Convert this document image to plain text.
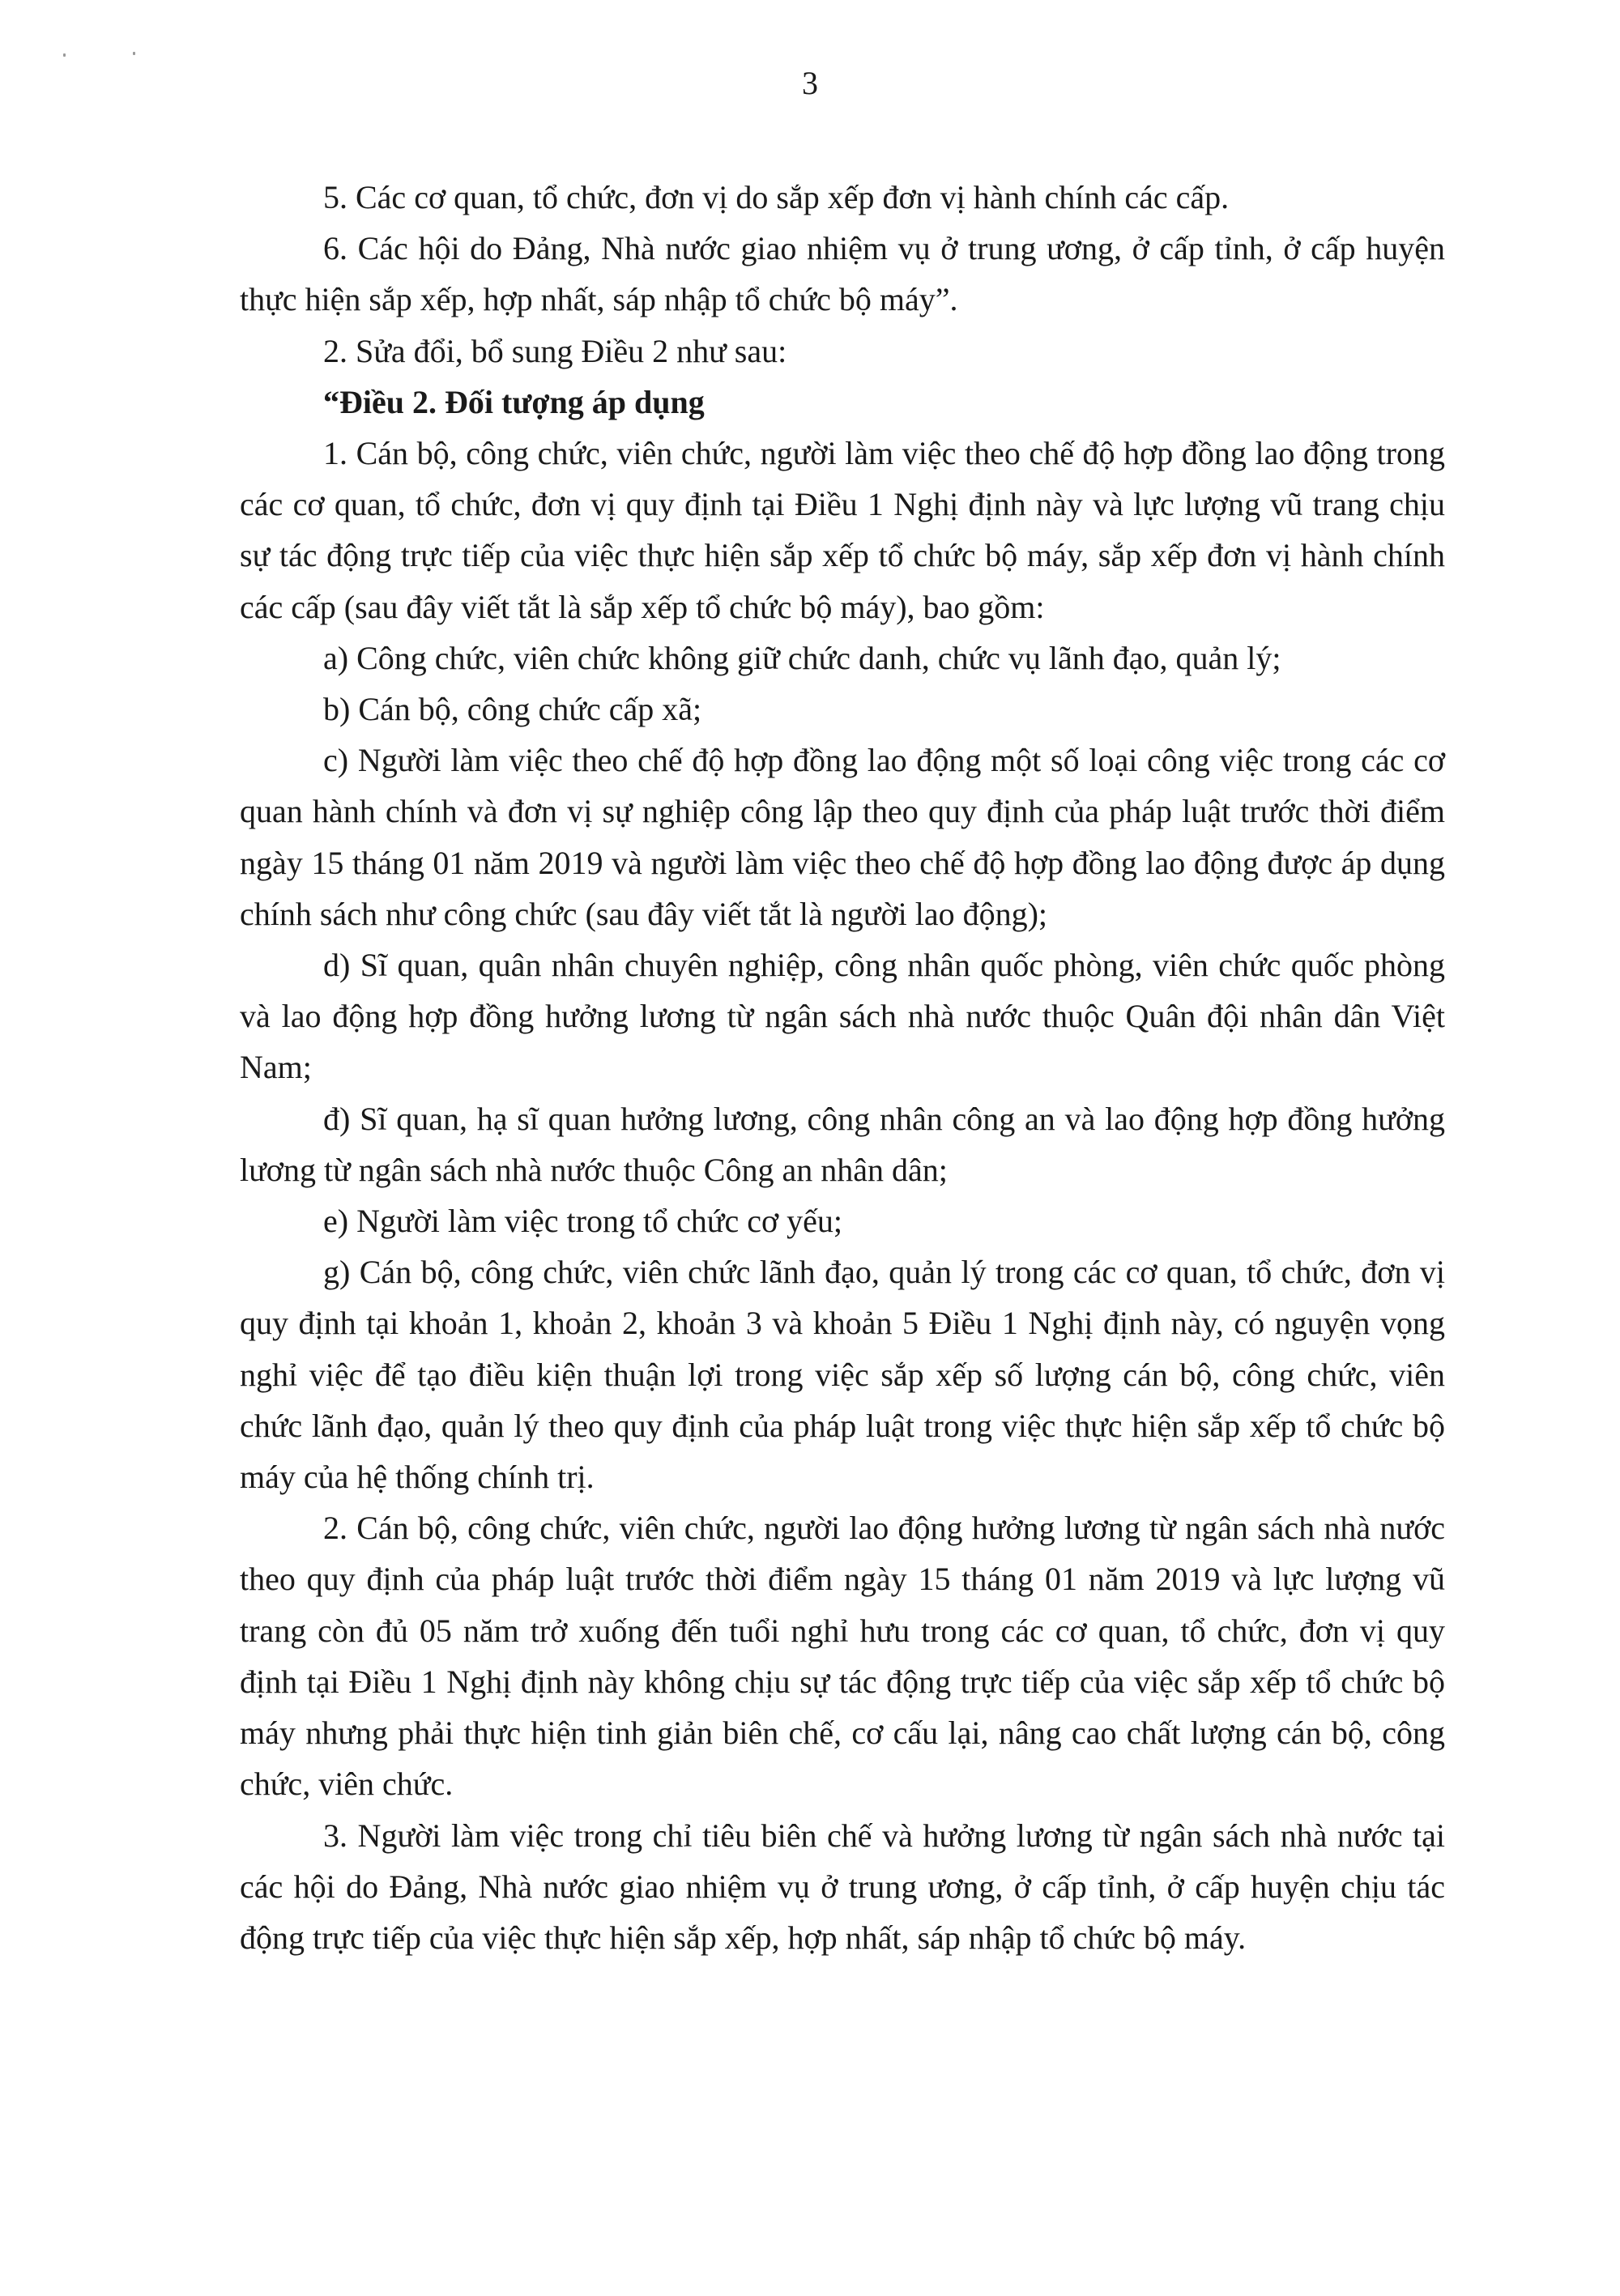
3

5. Các cơ quan, tổ chức, đơn vị do sắp xếp đơn vị hành chính các cấp.

6. Các hội do Đảng, Nhà nước giao nhiệm vụ ở trung ương, ở cấp tỉnh, ở cấp huyện thực hiện sắp xếp, hợp nhất, sáp nhập tổ chức bộ máy”.

2. Sửa đổi, bổ sung Điều 2 như sau:

“Điều 2. Đối tượng áp dụng

1. Cán bộ, công chức, viên chức, người làm việc theo chế độ hợp đồng lao động trong các cơ quan, tổ chức, đơn vị quy định tại Điều 1 Nghị định này và lực lượng vũ trang chịu sự tác động trực tiếp của việc thực hiện sắp xếp tổ chức bộ máy, sắp xếp đơn vị hành chính các cấp (sau đây viết tắt là sắp xếp tổ chức bộ máy), bao gồm:

a) Công chức, viên chức không giữ chức danh, chức vụ lãnh đạo, quản lý;

b) Cán bộ, công chức cấp xã;

c) Người làm việc theo chế độ hợp đồng lao động một số loại công việc trong các cơ quan hành chính và đơn vị sự nghiệp công lập theo quy định của pháp luật trước thời điểm ngày 15 tháng 01 năm 2019 và người làm việc theo chế độ hợp đồng lao động được áp dụng chính sách như công chức (sau đây viết tắt là người lao động);

d) Sĩ quan, quân nhân chuyên nghiệp, công nhân quốc phòng, viên chức quốc phòng và lao động hợp đồng hưởng lương từ ngân sách nhà nước thuộc Quân đội nhân dân Việt Nam;

đ) Sĩ quan, hạ sĩ quan hưởng lương, công nhân công an và lao động hợp đồng hưởng lương từ ngân sách nhà nước thuộc Công an nhân dân;

e) Người làm việc trong tổ chức cơ yếu;

g) Cán bộ, công chức, viên chức lãnh đạo, quản lý trong các cơ quan, tổ chức, đơn vị quy định tại khoản 1, khoản 2, khoản 3 và khoản 5 Điều 1 Nghị định này, có nguyện vọng nghỉ việc để tạo điều kiện thuận lợi trong việc sắp xếp số lượng cán bộ, công chức, viên chức lãnh đạo, quản lý theo quy định của pháp luật trong việc thực hiện sắp xếp tổ chức bộ máy của hệ thống chính trị.

2. Cán bộ, công chức, viên chức, người lao động hưởng lương từ ngân sách nhà nước theo quy định của pháp luật trước thời điểm ngày 15 tháng 01 năm 2019 và lực lượng vũ trang còn đủ 05 năm trở xuống đến tuổi nghỉ hưu trong các cơ quan, tổ chức, đơn vị quy định tại Điều 1 Nghị định này không chịu sự tác động trực tiếp của việc sắp xếp tổ chức bộ máy nhưng phải thực hiện tinh giản biên chế, cơ cấu lại, nâng cao chất lượng cán bộ, công chức, viên chức.

3. Người làm việc trong chỉ tiêu biên chế và hưởng lương từ ngân sách nhà nước tại các hội do Đảng, Nhà nước giao nhiệm vụ ở trung ương, ở cấp tỉnh, ở cấp huyện chịu tác động trực tiếp của việc thực hiện sắp xếp, hợp nhất, sáp nhập tổ chức bộ máy.
